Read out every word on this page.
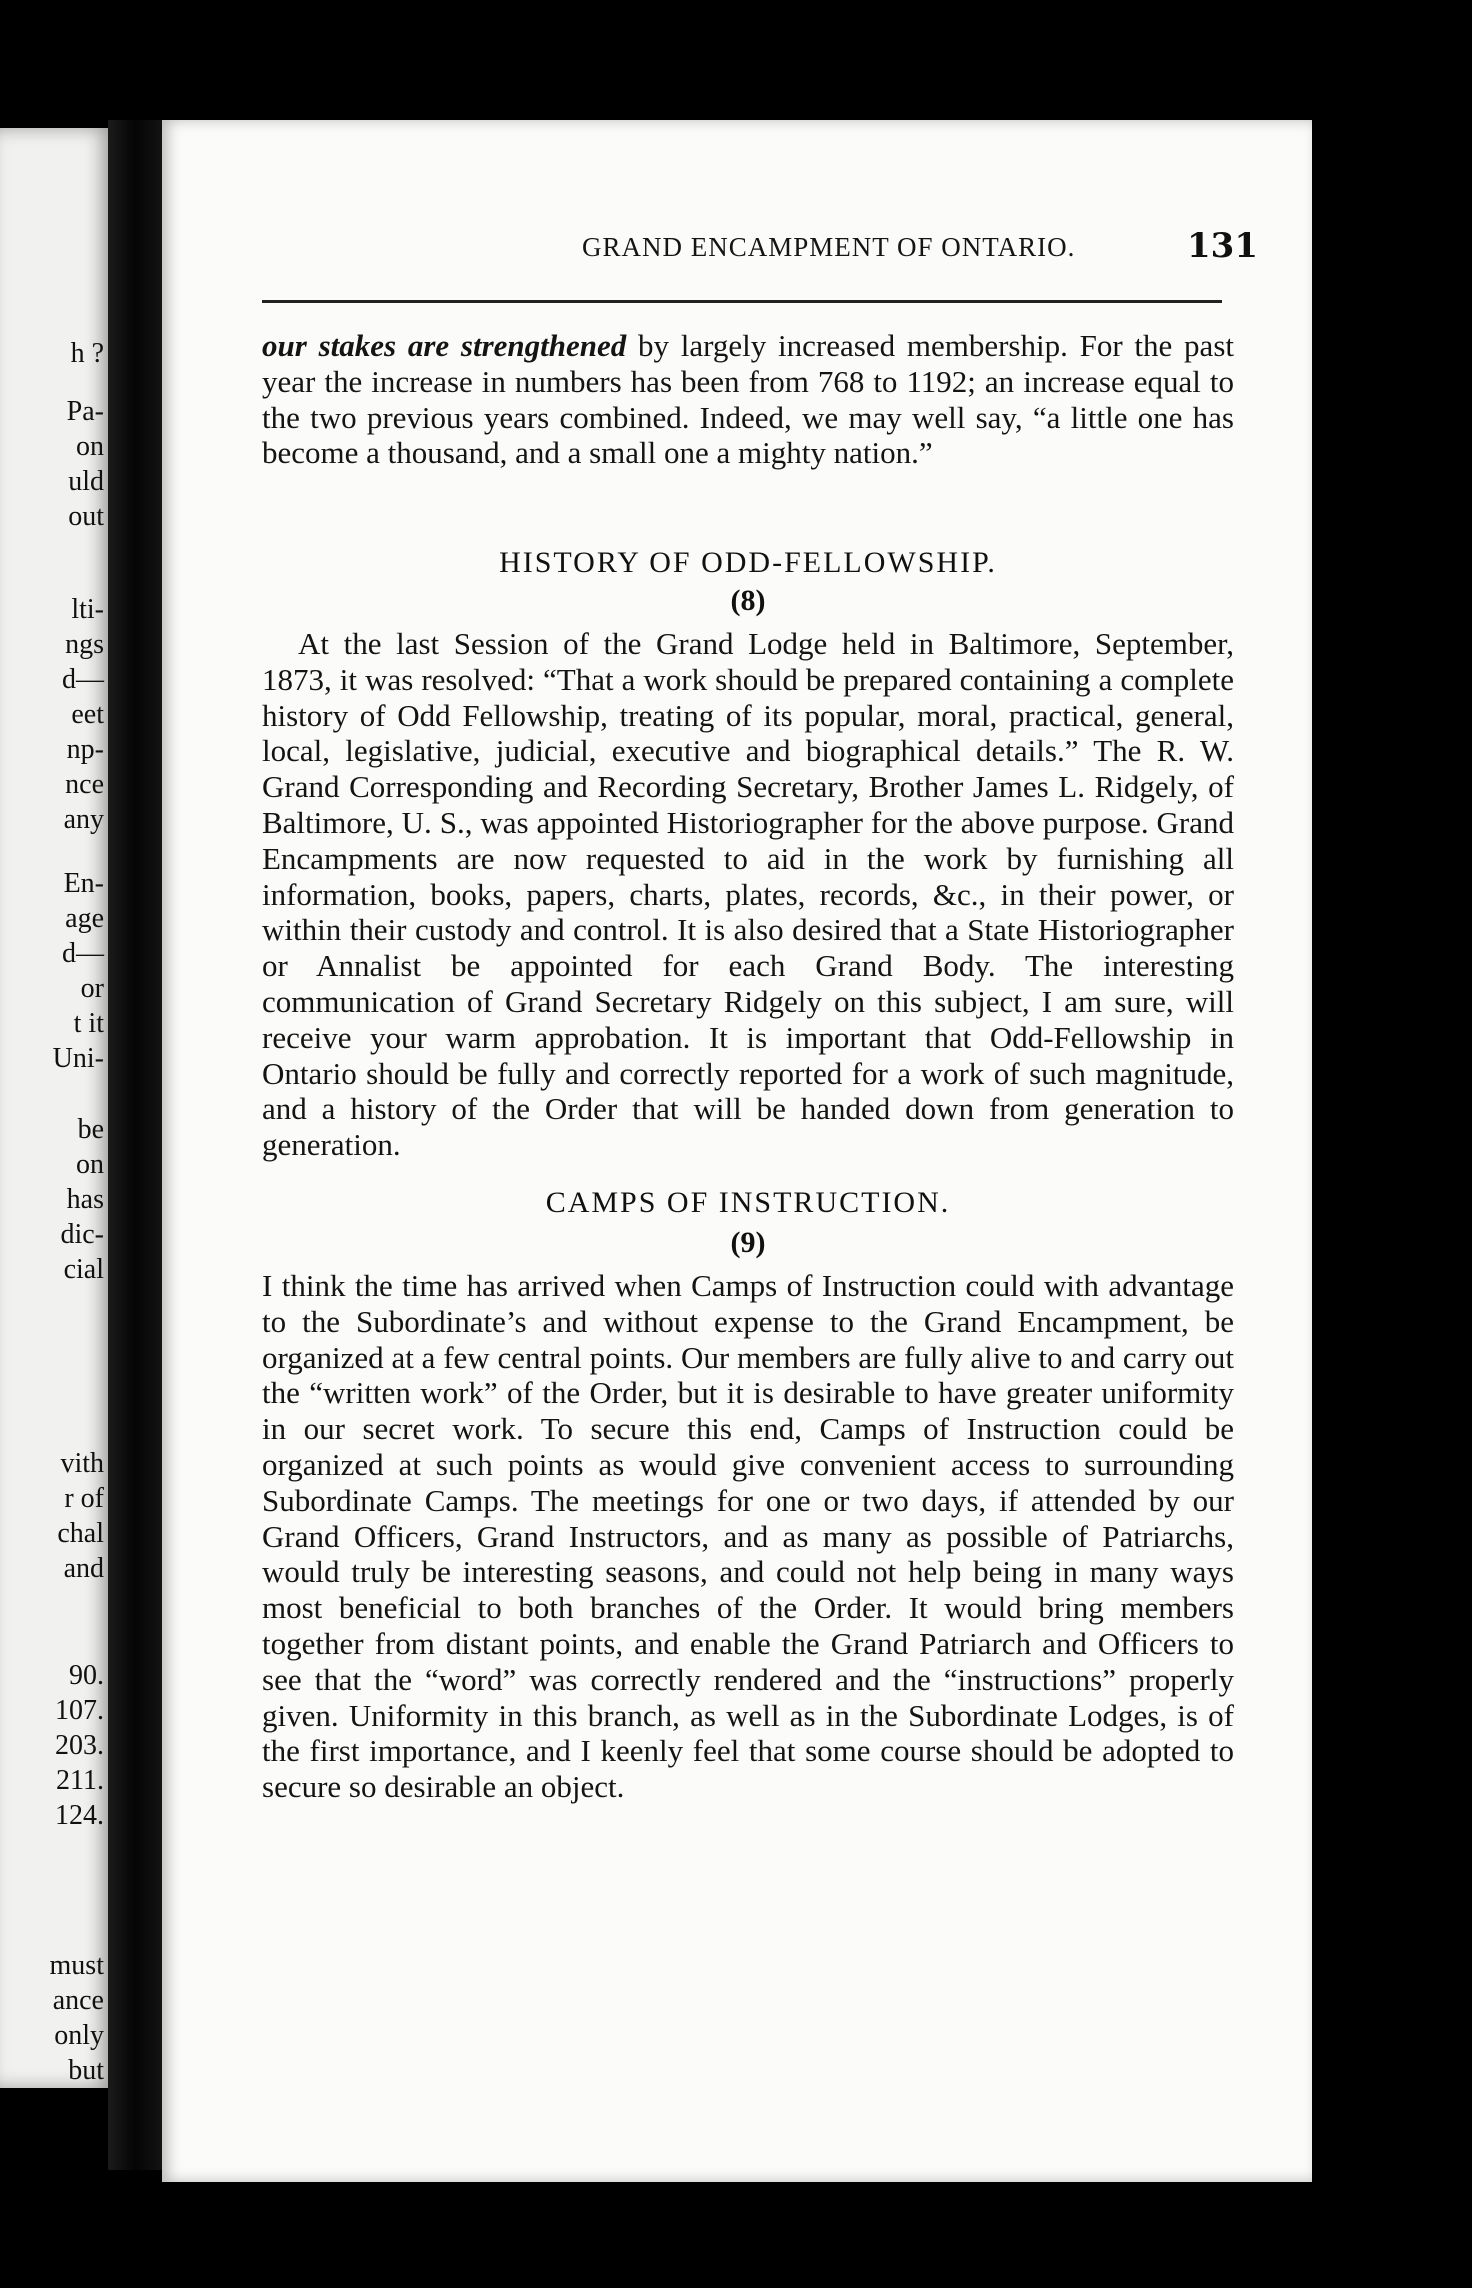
h ?
Pa-
on
uld
out
lti-
ngs
d—
eet
np-
nce
any
En-
age
d—
or
t it
Uni-
be
on
has
dic-
cial
vith
r of
chal
and
90.
107.
203.
211.
124.
must
ance
only
but
GRAND ENCAMPMENT OF ONTARIO.	131
our stakes are strengthened by largely increased membership. For the past year the increase in numbers has been from 768 to 1192; an increase equal to the two previous years combined. Indeed, we may well say, “a little one has become a thousand, and a small one a mighty nation.”
HISTORY OF ODD-FELLOWSHIP.
(8)
At the last Session of the Grand Lodge held in Baltimore, September, 1873, it was resolved: “That a work should be prepared containing a complete history of Odd Fellowship, treating of its popular, moral, practical, general, local, legislative, judicial, executive and biographical details.” The R. W. Grand Corresponding and Recording Secretary, Brother James L. Ridgely, of Baltimore, U. S., was appointed Historiographer for the above purpose. Grand Encampments are now requested to aid in the work by furnishing all information, books, papers, charts, plates, records, &c., in their power, or within their custody and control. It is also desired that a State Historiographer or Annalist be appointed for each Grand Body. The interesting communication of Grand Secretary Ridgely on this subject, I am sure, will receive your warm approbation. It is important that Odd-Fellowship in Ontario should be fully and correctly reported for a work of such magnitude, and a history of the Order that will be handed down from generation to generation.
CAMPS OF INSTRUCTION.
(9)
I think the time has arrived when Camps of Instruction could with advantage to the Subordinate’s and without expense to the Grand Encampment, be organized at a few central points. Our members are fully alive to and carry out the “written work” of the Order, but it is desirable to have greater uniformity in our secret work. To secure this end, Camps of Instruction could be organized at such points as would give convenient access to surrounding Subordinate Camps. The meetings for one or two days, if attended by our Grand Officers, Grand Instructors, and as many as possible of Patriarchs, would truly be interesting seasons, and could not help being in many ways most beneficial to both branches of the Order. It would bring members together from distant points, and enable the Grand Patriarch and Officers to see that the “word” was correctly rendered and the “instructions” properly given. Uniformity in this branch, as well as in the Subordinate Lodges, is of the first importance, and I keenly feel that some course should be adopted to secure so desirable an object.
